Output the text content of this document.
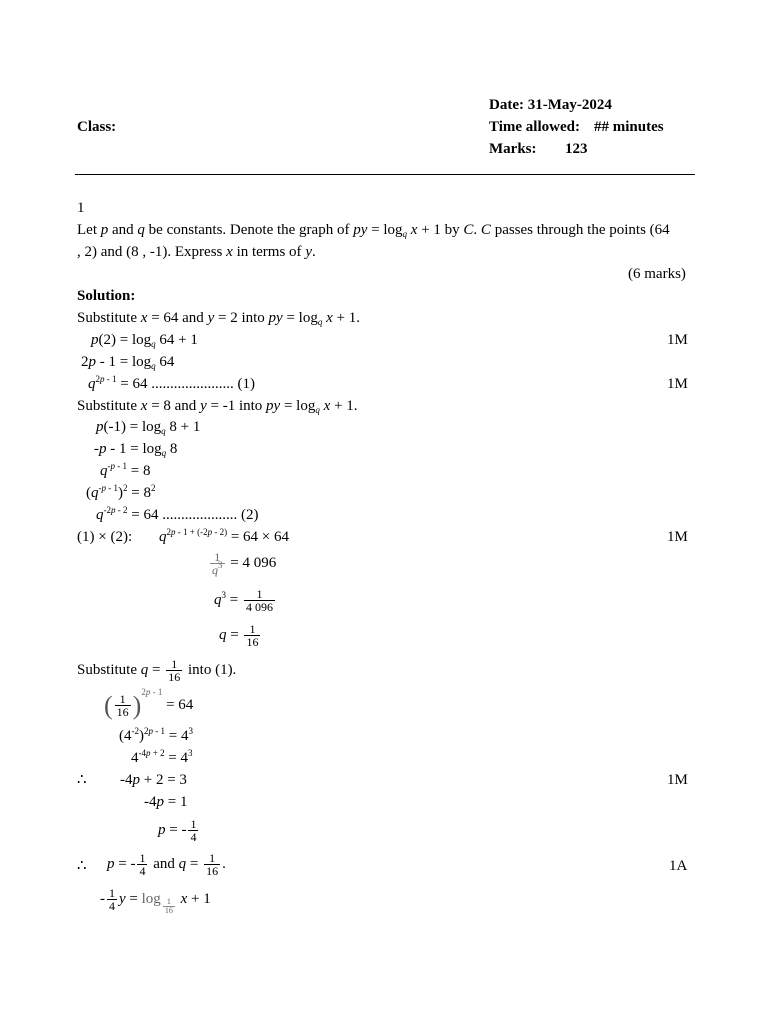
Class:
Date: 31-May-2024
Time allowed: ## minutes
Marks: 123
1
Let p and q be constants. Denote the graph of py = $\log_q x + 1$ by C. C passes through the points (64
, 2) and (8 , -1). Express x in terms of y.
(6 marks)
Solution:
Substitute x = 64 and y = 2 into py = $\log_q x + 1$.
$p(2) = \log_q 64 + 1$	1M
$2p - 1 = \log_q 64$
$q^{2p - 1} = 64$ ...................... (1)	1M
Substitute x = 8 and y = -1 into py = $\log_q x + 1$.
$p(-1) = \log_q 8 + 1$
$-p - 1 = \log_q 8$
$q^{-p - 1} = 8$
$(q^{-p - 1})^2 = 8^2$
$q^{-2p - 2} = 64$ .................... (2)
(1) × (2): $q^{2p - 1 + (-2p - 2)} = 64 \times 64$	1M
$\frac{1}{q^3} = 4$ 096
$q^3 = \frac{1}{4 096}$
$q = \frac{1}{16}$
Substitute $q = \frac{1}{16}$ into (1).
( $\frac{1}{16} )^{2p - 1} = 64$
$(4^{-2})^{2p - 1} = 4^3$
$4^{-4p + 2} = 4^3$
∴ -4p + 2 = 3	1M
-4p = 1
p = - $\frac{1}{4}$
∴ p = - $\frac{1}{4}$ and $q = \frac{1}{16}$ .	1A
- $\frac{1}{4}$ y = log $_{\frac{1}{16}}$ x + 1
